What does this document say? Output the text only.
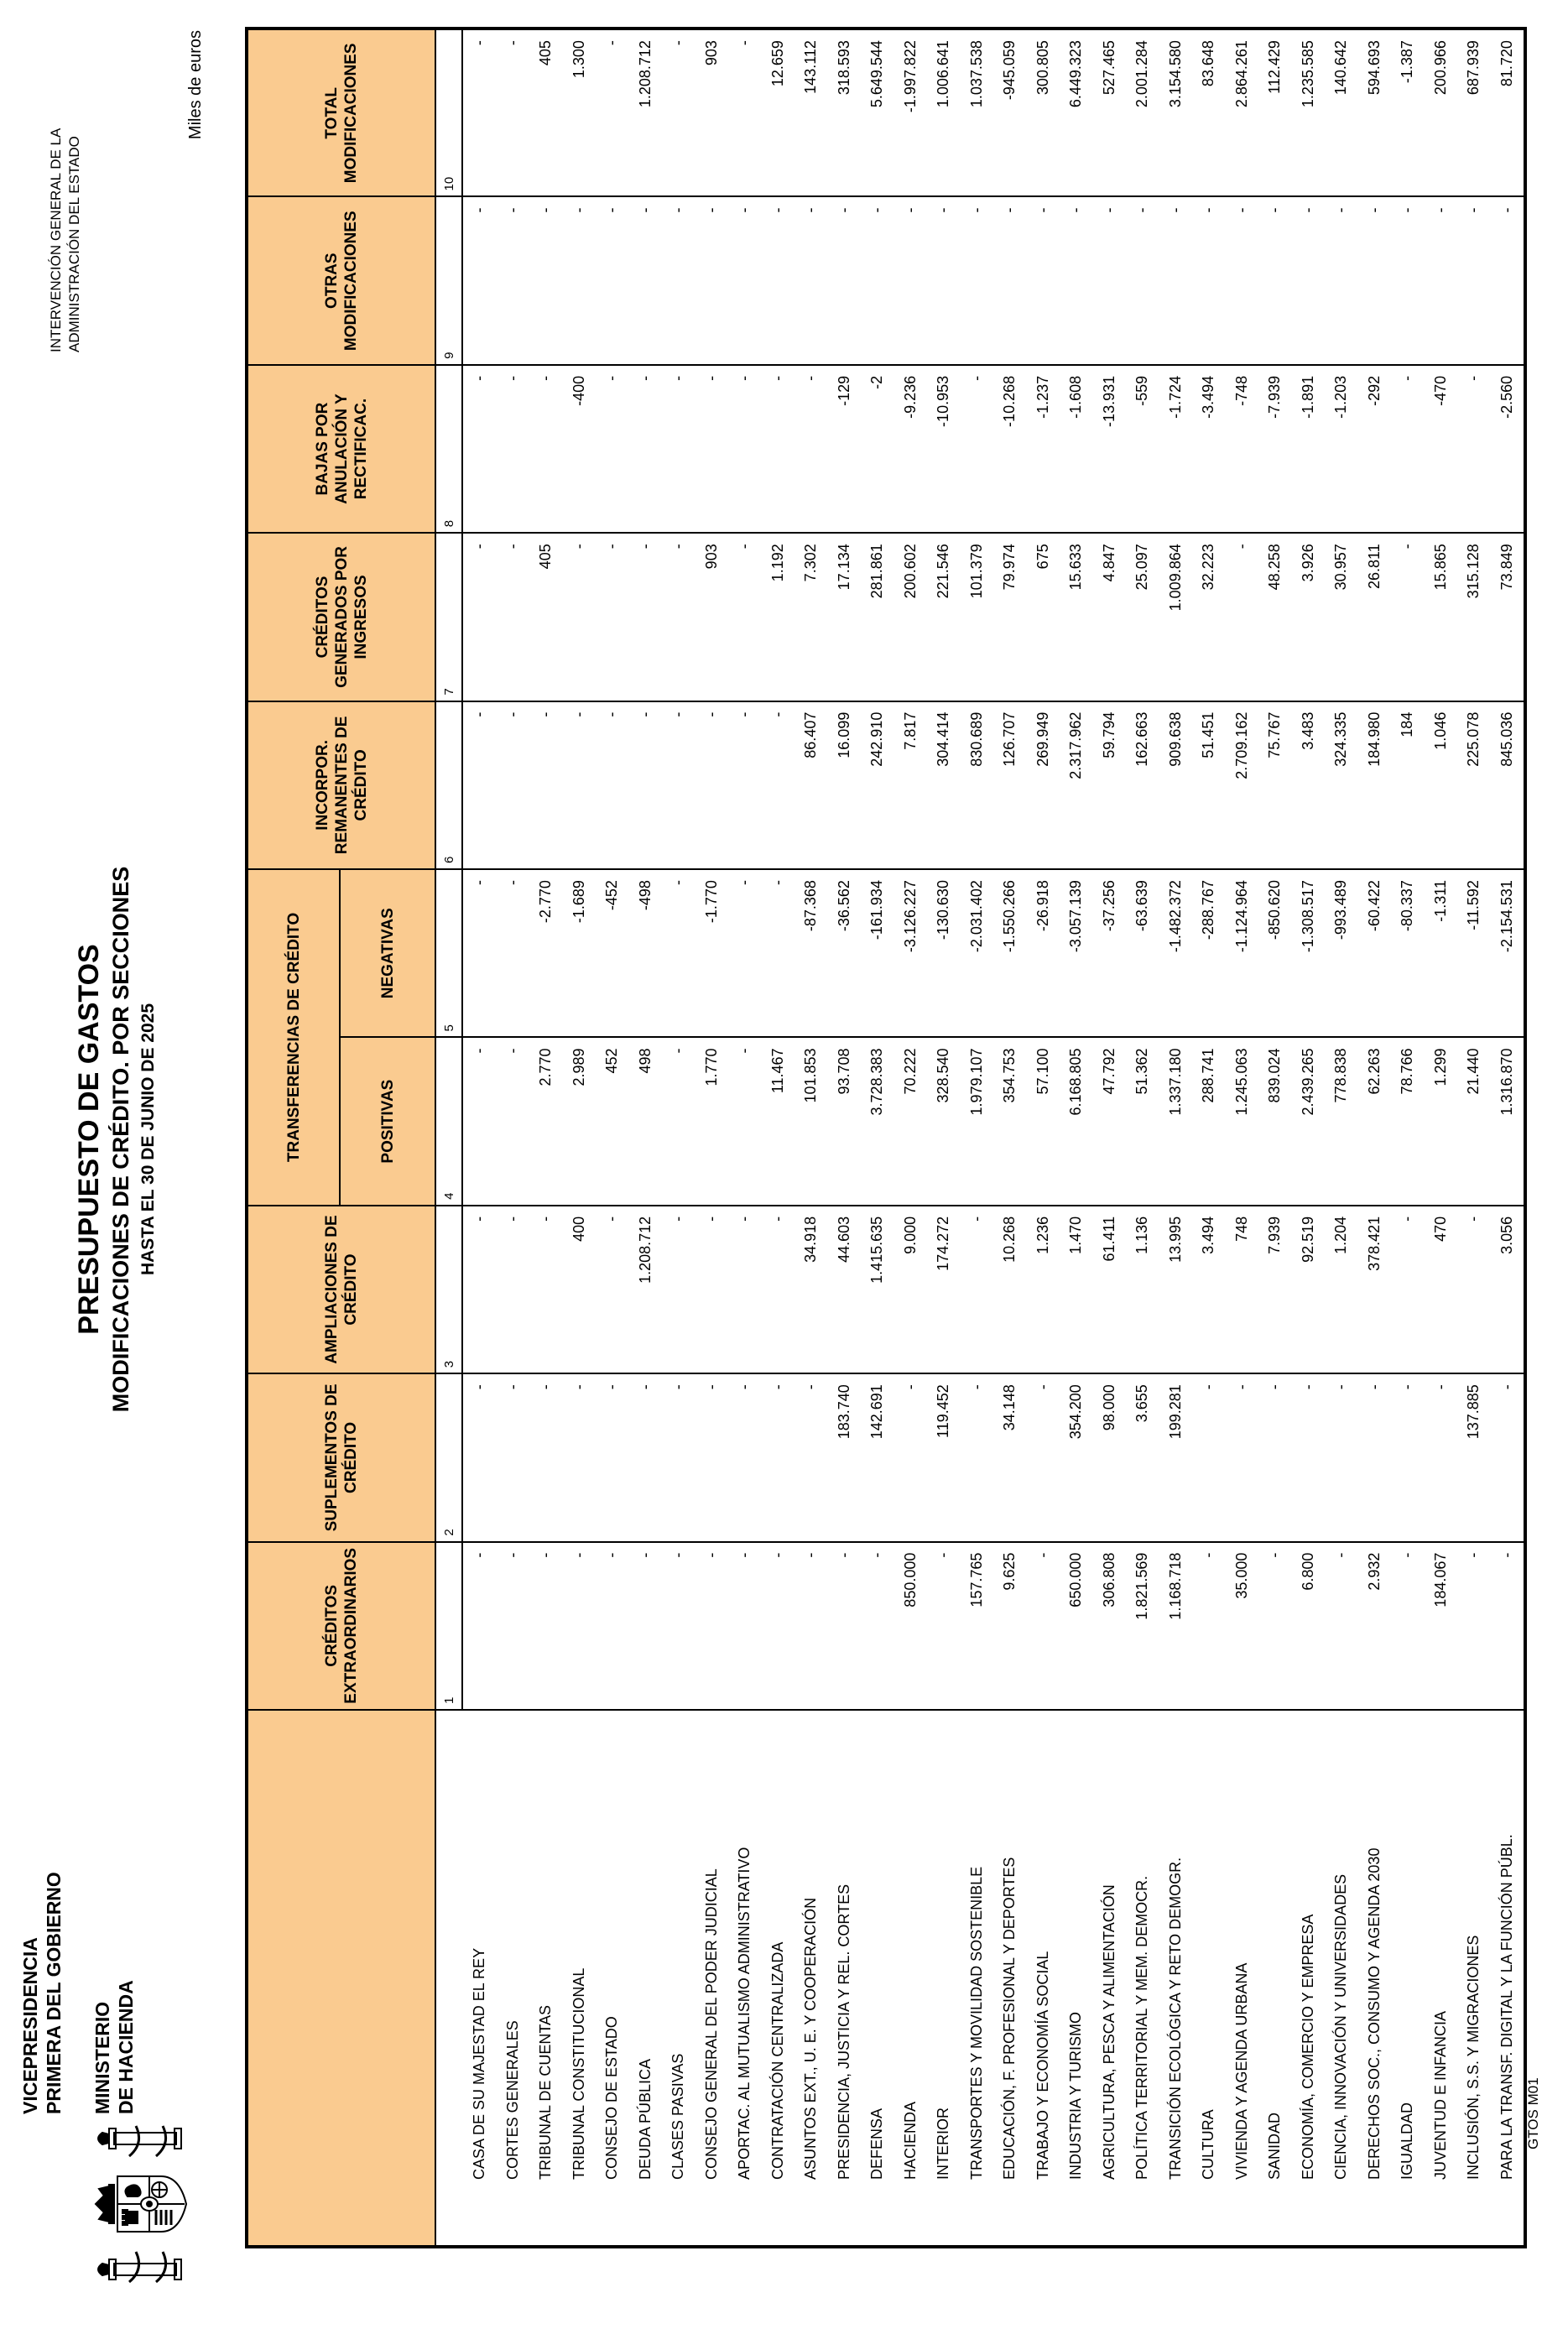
VICEPRESIDENCIA PRIMERA DEL GOBIERNO MINISTERIO DE HACIENDA
INTERVENCIÓN GENERAL DE LA ADMINISTRACIÓN DEL ESTADO
PRESUPUESTO DE GASTOS MODIFICACIONES DE CRÉDITO. POR SECCIONES HASTA EL 30 DE JUNIO DE 2025
Miles de euros
	CRÉDITOS EXTRAORDINARIOS	SUPLEMENTOS DE CRÉDITO	AMPLIACIONES DE CRÉDITO	TRANSFERENCIAS DE CRÉDITO		INCORPOR. REMANENTES DE CRÉDITO	CRÉDITOS GENERADOS POR INGRESOS	BAJAS POR ANULACIÓN Y RECTIFICAC.	OTRAS MODIFICACIONES	TOTAL MODIFICACIONES
				POSITIVAS	NEGATIVAS					
	1	2	3	4	5	6	7	8	9	10
CASA DE SU MAJESTAD EL REY	-	-	-	-	-	-	-	-	-	-
CORTES GENERALES	-	-	-	-	-	-	-	-	-	-
TRIBUNAL DE CUENTAS	-	-	-	2.770	-2.770	-	405	-	-	405
TRIBUNAL CONSTITUCIONAL	-	-	400	2.989	-1.689	-	-	-400	-	1.300
CONSEJO DE ESTADO	-	-	-	452	-452	-	-	-	-	-
DEUDA PÚBLICA	-	-	1.208.712	498	-498	-	-	-	-	1.208.712
CLASES PASIVAS	-	-	-	-	-	-	-	-	-	-
CONSEJO GENERAL DEL PODER JUDICIAL	-	-	-	1.770	-1.770	-	903	-	-	903
APORTAC. AL MUTUALISMO ADMINISTRATIVO	-	-	-	-	-	-	-	-	-	-
CONTRATACIÓN CENTRALIZADA	-	-	-	11.467	-	-	1.192	-	-	12.659
ASUNTOS EXT., U. E. Y COOPERACIÓN	-	-	34.918	101.853	-87.368	86.407	7.302	-	-	143.112
PRESIDENCIA, JUSTICIA Y REL. CORTES	-	183.740	44.603	93.708	-36.562	16.099	17.134	-129	-	318.593
DEFENSA	-	142.691	1.415.635	3.728.383	-161.934	242.910	281.861	-2	-	5.649.544
HACIENDA	850.000	-	9.000	70.222	-3.126.227	7.817	200.602	-9.236	-	-1.997.822
INTERIOR	-	119.452	174.272	328.540	-130.630	304.414	221.546	-10.953	-	1.006.641
TRANSPORTES Y MOVILIDAD SOSTENIBLE	157.765	-	-	1.979.107	-2.031.402	830.689	101.379	-	-	1.037.538
EDUCACIÓN, F. PROFESIONAL Y DEPORTES	9.625	34.148	10.268	354.753	-1.550.266	126.707	79.974	-10.268	-	-945.059
TRABAJO Y ECONOMÍA SOCIAL	-	-	1.236	57.100	-26.918	269.949	675	-1.237	-	300.805
INDUSTRIA Y TURISMO	650.000	354.200	1.470	6.168.805	-3.057.139	2.317.962	15.633	-1.608	-	6.449.323
AGRICULTURA, PESCA Y ALIMENTACIÓN	306.808	98.000	61.411	47.792	-37.256	59.794	4.847	-13.931	-	527.465
POLÍTICA TERRITORIAL Y MEM. DEMOCR.	1.821.569	3.655	1.136	51.362	-63.639	162.663	25.097	-559	-	2.001.284
TRANSICIÓN ECOLÓGICA Y RETO DEMOGR.	1.168.718	199.281	13.995	1.337.180	-1.482.372	909.638	1.009.864	-1.724	-	3.154.580
CULTURA	-	-	3.494	288.741	-288.767	51.451	32.223	-3.494	-	83.648
VIVIENDA Y AGENDA URBANA	35.000	-	748	1.245.063	-1.124.964	2.709.162	-	-748	-	2.864.261
SANIDAD	-	-	7.939	839.024	-850.620	75.767	48.258	-7.939	-	112.429
ECONOMÍA, COMERCIO Y EMPRESA	6.800	-	92.519	2.439.265	-1.308.517	3.483	3.926	-1.891	-	1.235.585
CIENCIA, INNOVACIÓN Y UNIVERSIDADES	-	-	1.204	778.838	-993.489	324.335	30.957	-1.203	-	140.642
DERECHOS SOC., CONSUMO Y AGENDA 2030	2.932	-	378.421	62.263	-60.422	184.980	26.811	-292	-	594.693
IGUALDAD	-	-	-	78.766	-80.337	184	-	-	-	-1.387
JUVENTUD E INFANCIA	184.067	-	470	1.299	-1.311	1.046	15.865	-470	-	200.966
INCLUSIÓN, S.S. Y MIGRACIONES	-	137.885	-	21.440	-11.592	225.078	315.128	-	-	687.939
PARA LA TRANSF. DIGITAL Y LA FUNCIÓN PÚBL.	-	-	3.056	1.316.870	-2.154.531	845.036	73.849	-2.560	-	81.720
GTOS M01
